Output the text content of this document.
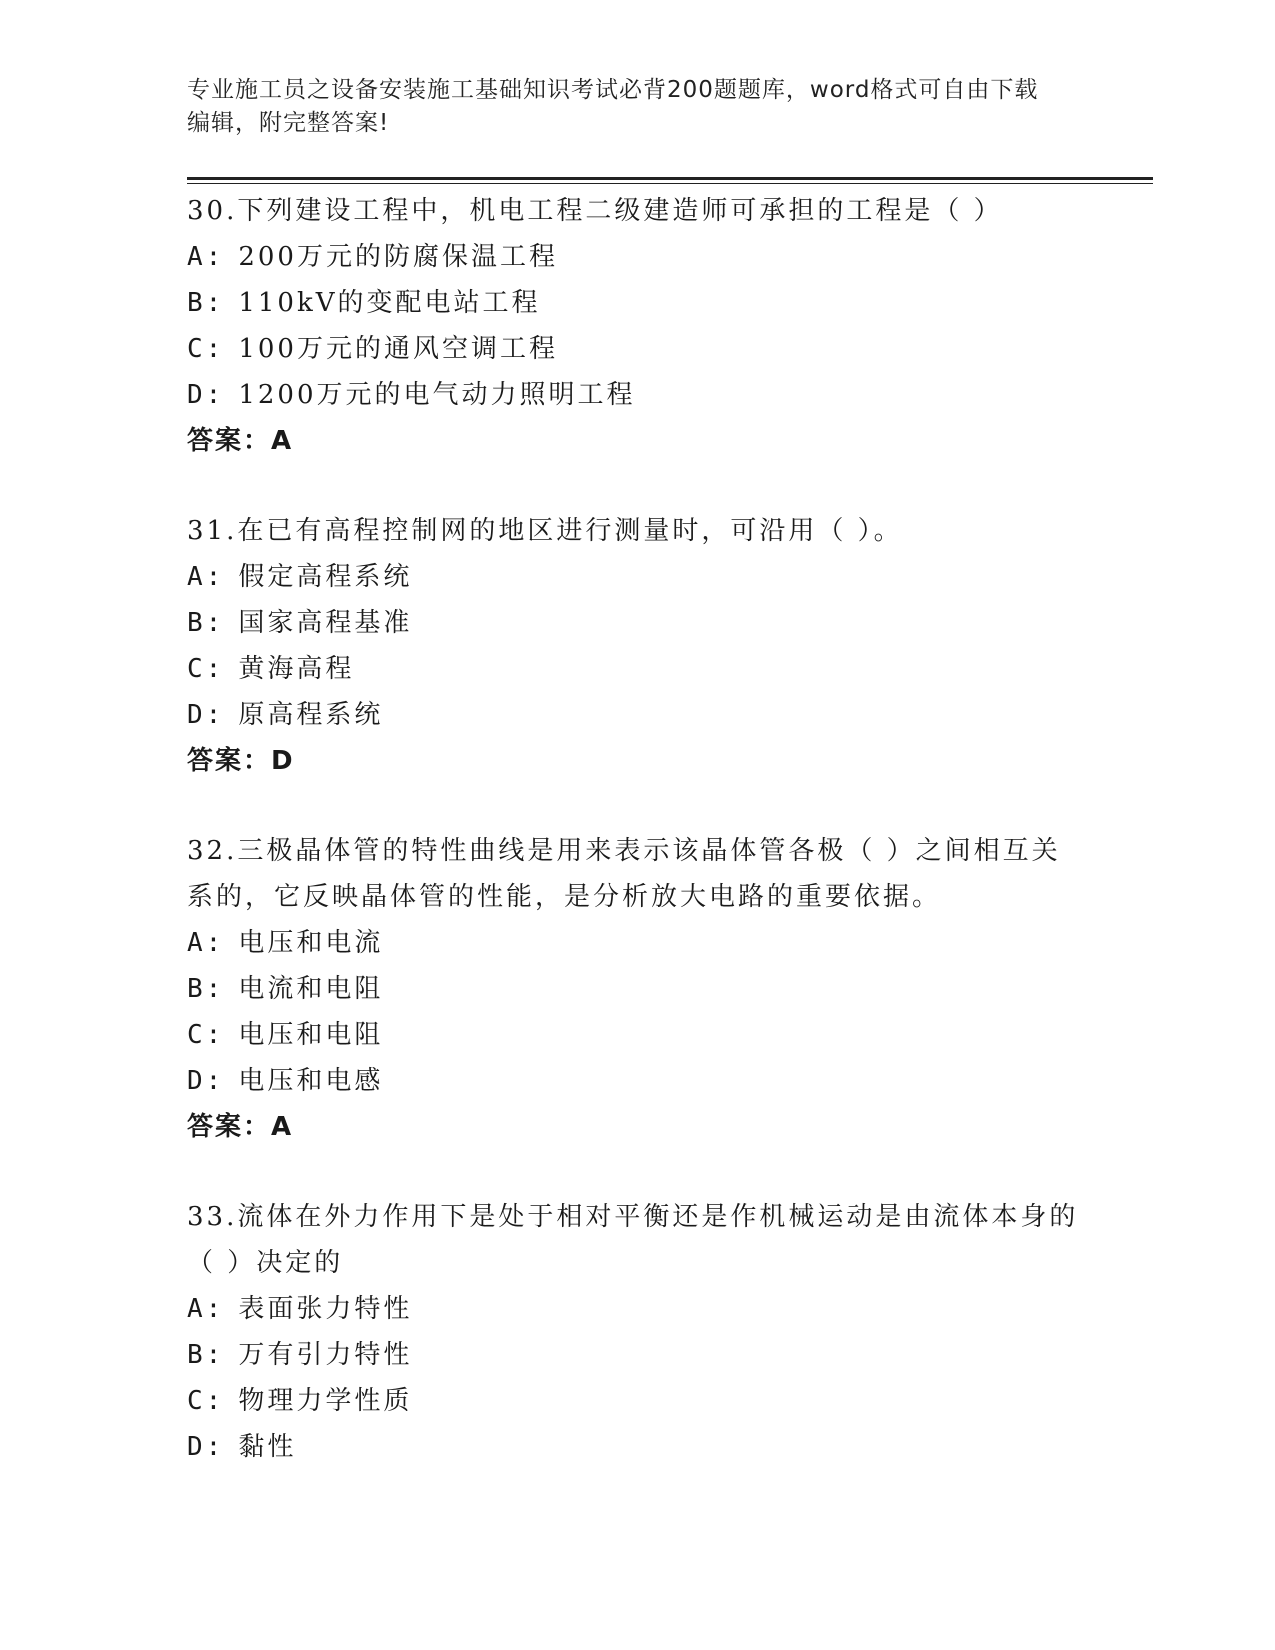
专业施工员之设备安装施工基础知识考试必背200题题库，word格式可自由下载
编辑，附完整答案!
30.下列建设工程中，机电工程二级建造师可承担的工程是（ ）
A: 200万元的防腐保温工程
B: 110kV的变配电站工程
C: 100万元的通风空调工程
D: 1200万元的电气动力照明工程
答案：A
31.在已有高程控制网的地区进行测量时，可沿用（ ）。
A: 假定高程系统
B: 国家高程基准
C: 黄海高程
D: 原高程系统
答案：D
32.三极晶体管的特性曲线是用来表示该晶体管各极（ ）之间相互关系的，它反映晶体管的性能，是分析放大电路的重要依据。
A: 电压和电流
B: 电流和电阻
C: 电压和电阻
D: 电压和电感
答案：A
33.流体在外力作用下是处于相对平衡还是作机械运动是由流体本身的（ ）决定的
A: 表面张力特性
B: 万有引力特性
C: 物理力学性质
D: 黏性
